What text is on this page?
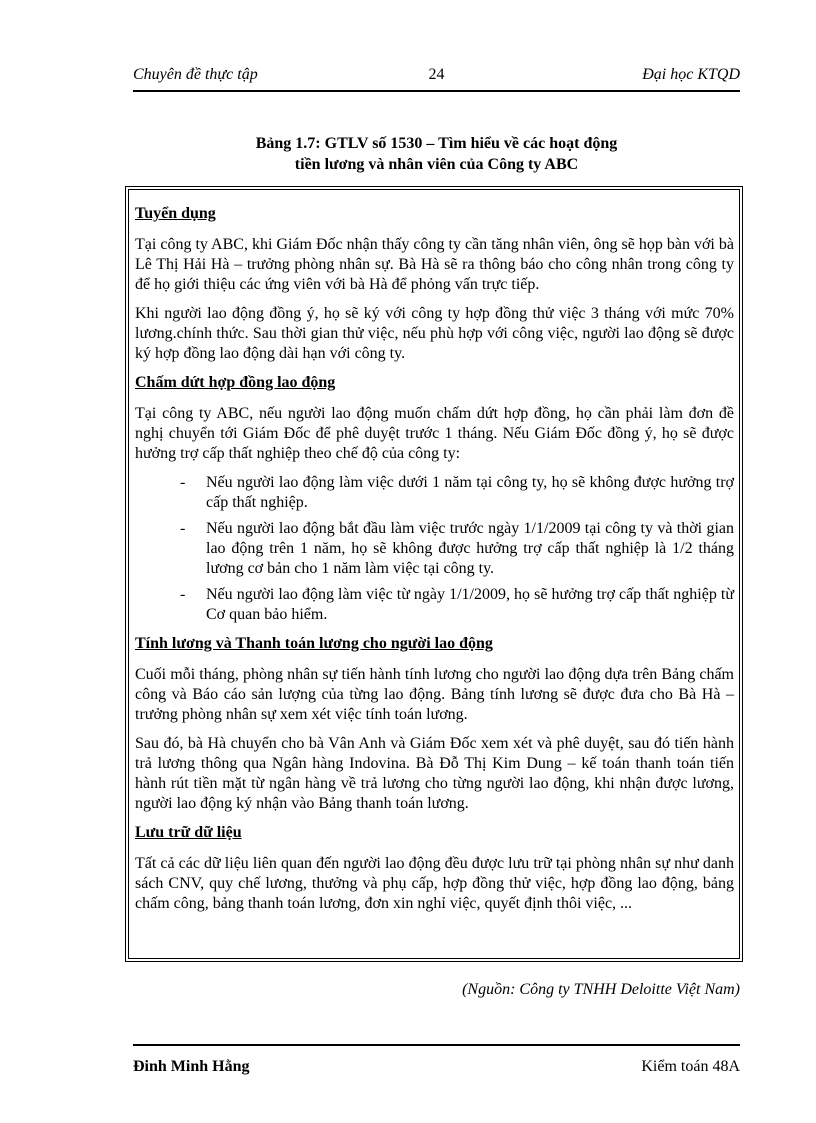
Chuyên đề thực tập	24	Đại học KTQD
Bảng 1.7: GTLV số 1530 – Tìm hiểu về các hoạt động
tiền lương và nhân viên của Công ty ABC
Tuyển dụng

Tại công ty ABC, khi Giám Đốc nhận thấy công ty cần tăng nhân viên, ông sẽ họp bàn với bà Lê Thị Hải Hà – trưởng phòng nhân sự. Bà Hà sẽ ra thông báo cho công nhân trong công ty để họ giới thiệu các ứng viên với bà Hà để phỏng vấn trực tiếp.

Khi người lao động đồng ý, họ sẽ ký với công ty hợp đồng thử việc 3 tháng với mức 70% lương.chính thức. Sau thời gian thử việc, nếu phù hợp với công việc, người lao động sẽ được ký hợp đồng lao động dài hạn với công ty.

Chấm dứt hợp đồng lao động

Tại công ty ABC, nếu người lao động muốn chấm dứt hợp đồng, họ cần phải làm đơn đề nghị chuyển tới Giám Đốc để phê duyệt trước 1 tháng. Nếu Giám Đốc đồng ý, họ sẽ được hưởng trợ cấp thất nghiệp theo chế độ của công ty:

- Nếu người lao động làm việc dưới 1 năm tại công ty, họ sẽ không được hưởng trợ cấp thất nghiệp.
- Nếu người lao động bắt đầu làm việc trước ngày 1/1/2009 tại công ty và thời gian lao động trên 1 năm, họ sẽ không được hưởng trợ cấp thất nghiệp là 1/2 tháng lương cơ bản cho 1 năm làm việc tại công ty.
- Nếu người lao động làm việc từ ngày 1/1/2009, họ sẽ hưởng trợ cấp thất nghiệp từ Cơ quan bảo hiểm.
Tính lương và Thanh toán lương cho người lao động

Cuối mỗi tháng, phòng nhân sự tiến hành tính lương cho người lao động dựa trên Bảng chấm công và Báo cáo sản lượng của từng lao động. Bảng tính lương sẽ được đưa cho Bà Hà – trưởng phòng nhân sự xem xét việc tính toán lương.

Sau đó, bà Hà chuyển cho bà Vân Anh và Giám Đốc xem xét và phê duyệt, sau đó tiến hành trả lương thông qua Ngân hàng Indovina. Bà Đỗ Thị Kim Dung – kế toán thanh toán tiến hành rút tiền mặt từ ngân hàng về trả lương cho từng người lao động, khi nhận được lương, người lao động ký nhận vào Bảng thanh toán lương.

Lưu trữ dữ liệu

Tất cả các dữ liệu liên quan đến người lao động đều được lưu trữ tại phòng nhân sự như danh sách CNV, quy chế lương, thưởng và phụ cấp, hợp đồng thử việc, hợp đồng lao động, bảng chấm công, bảng thanh toán lương, đơn xin nghỉ việc, quyết định thôi việc, ...

(Nguồn: Công ty TNHH Deloitte Việt Nam)
Đinh Minh Hằng	Kiểm toán 48A
